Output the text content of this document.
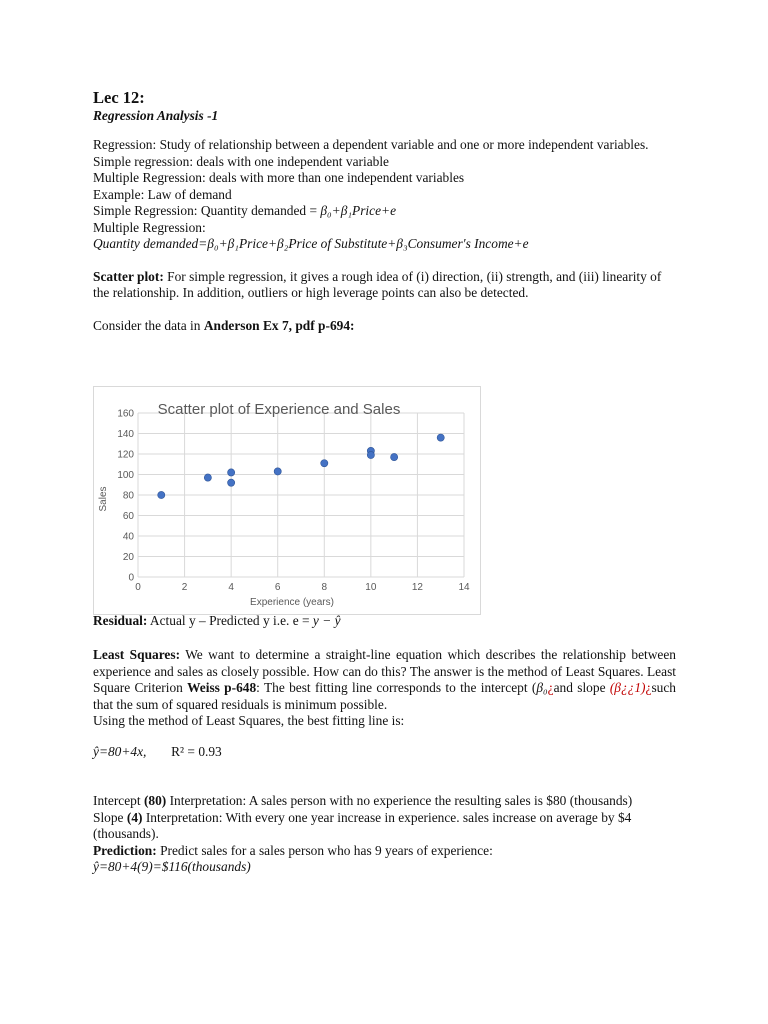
Lec 12:
Regression Analysis -1

Regression: Study of relationship between a dependent variable and one or more independent variables.

Simple regression: deals with one independent variable

Multiple Regression: deals with more than one independent variables

Example: Law of demand

Simple Regression: Quantity demanded = β₀+β₁Price+e

Multiple Regression:

Quantity demanded=β₀+β₁Price+β₂Price of Substitute+β₃Consumer′s Income+e

Scatter plot: For simple regression, it gives a rough idea of (i) direction, (ii) strength, and (iii) linearity of the relationship. In addition, outliers or high leverage points can also be detected.

Consider the data in Anderson Ex 7, pdf p-694:

0
20
40
60
80
100
120
140
160
0	2	4	6	8	10	12	14
Scatter plot of Experience and Sales
Experience (years)
Sales

Residual: Actual y – Predicted y i.e. e = y − ŷ

Least Squares: We want to determine a straight-line equation which describes the relationship between experience and sales as closely possible. How can do this? The answer is the method of Least Squares. Least Square Criterion Weiss p-648: The best fitting line corresponds to the intercept (β₀¿and slope (β¿¿1)¿such that the sum of squared residuals is minimum possible.

Using the method of Least Squares, the best fitting line is:

ŷ=80+4x, R² = 0.93

Intercept (80) Interpretation: A sales person with no experience the resulting sales is $80 (thousands)

Slope (4) Interpretation: With every one year increase in experience. sales increase on average by $4 (thousands).

Prediction: Predict sales for a sales person who has 9 years of experience:

ŷ=80+4(9)=$116(thousands)
